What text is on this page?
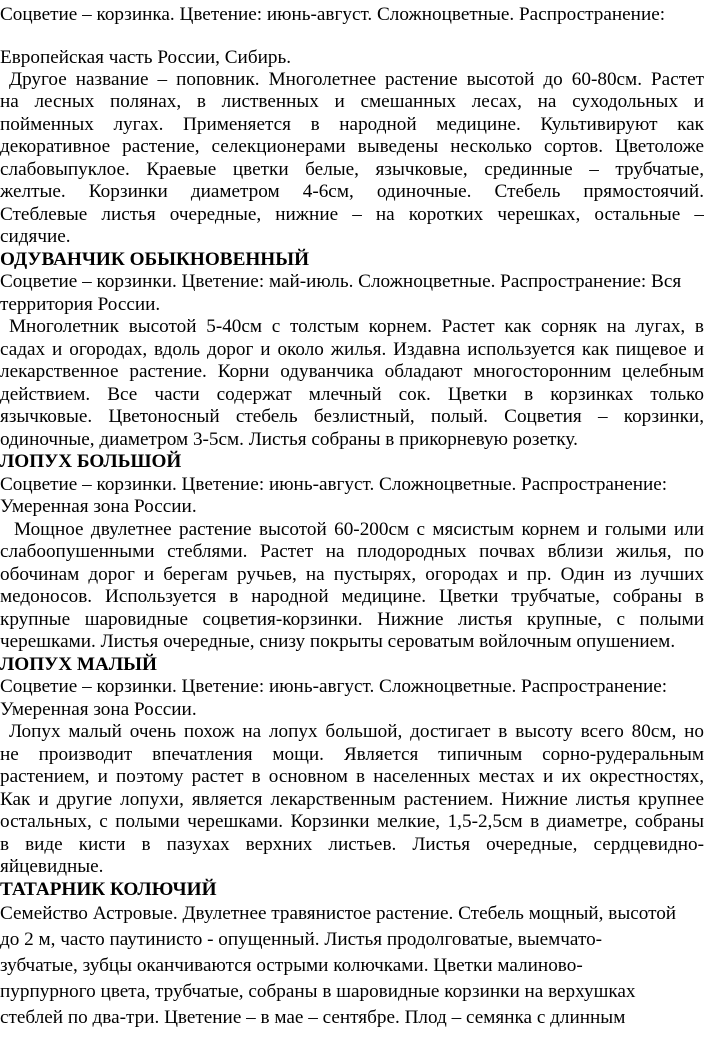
Соцветие – корзинка. Цветение: июнь-август. Сложноцветные. Распространение:
Европейская часть России, Сибирь.
Другое название – поповник. Многолетнее растение высотой до 60-80см. Растет
на лесных полянах, в лиственных и смешанных лесах, на суходольных и
пойменных лугах. Применяется в народной медицине. Культивируют как
декоративное растение, селекционерами выведены несколько сортов. Цветоложе
слабовыпуклое. Краевые цветки белые, язычковые, срединные – трубчатые,
желтые. Корзинки диаметром 4-6см, одиночные. Стебель прямостоячий.
Стеблевые листья очередные, нижние – на коротких черешках, остальные –
сидячие.
ОДУВАНЧИК ОБЫКНОВЕННЫЙ
Соцветие – корзинки. Цветение: май-июль. Сложноцветные. Распространение: Вся
территория России.
Многолетник высотой 5-40см с толстым корнем. Растет как сорняк на лугах, в
садах и огородах, вдоль дорог и около жилья. Издавна используется как пищевое и
лекарственное растение. Корни одуванчика обладают многосторонним целебным
действием. Все части содержат млечный сок. Цветки в корзинках только
язычковые. Цветоносный стебель безлистный, полый. Соцветия – корзинки,
одиночные, диаметром 3-5см. Листья собраны в прикорневую розетку.
ЛОПУХ БОЛЬШОЙ
Соцветие – корзинки. Цветение: июнь-август. Сложноцветные. Распространение:
Умеренная зона России.
Мощное двулетнее растение высотой 60-200см с мясистым корнем и голыми или
слабоопушенными стеблями. Растет на плодородных почвах вблизи жилья, по
обочинам дорог и берегам ручьев, на пустырях, огородах и пр. Один из лучших
медоносов. Используется в народной медицине. Цветки трубчатые, собраны в
крупные шаровидные соцветия-корзинки. Нижние листья крупные, с полыми
черешками. Листья очередные, снизу покрыты сероватым войлочным опушением.
ЛОПУХ МАЛЫЙ
Соцветие – корзинки. Цветение: июнь-август. Сложноцветные. Распространение:
Умеренная зона России.
Лопух малый очень похож на лопух большой, достигает в высоту всего 80см, но
не производит впечатления мощи. Является типичным сорно-рудеральным
растением, и поэтому растет в основном в населенных местах и их окрестностях,
Как и другие лопухи, является лекарственным растением. Нижние листья крупнее
остальных, с полыми черешками. Корзинки мелкие, 1,5-2,5см в диаметре, собраны
в виде кисти в пазухах верхних листьев. Листья очередные, сердцевидно-
яйцевидные.
ТАТАРНИК КОЛЮЧИЙ
Семейство Астровые. Двулетнее травянистое растение. Стебель мощный, высотой
до 2 м, часто паутинисто - опущенный. Листья продолговатые, выемчато-
зубчатые, зубцы оканчиваются острыми колючками. Цветки малиново-
пурпурного цвета, трубчатые, собраны в шаровидные корзинки на верхушках
стеблей по два-три. Цветение – в мае – сентябре. Плод – семянка с длинным
